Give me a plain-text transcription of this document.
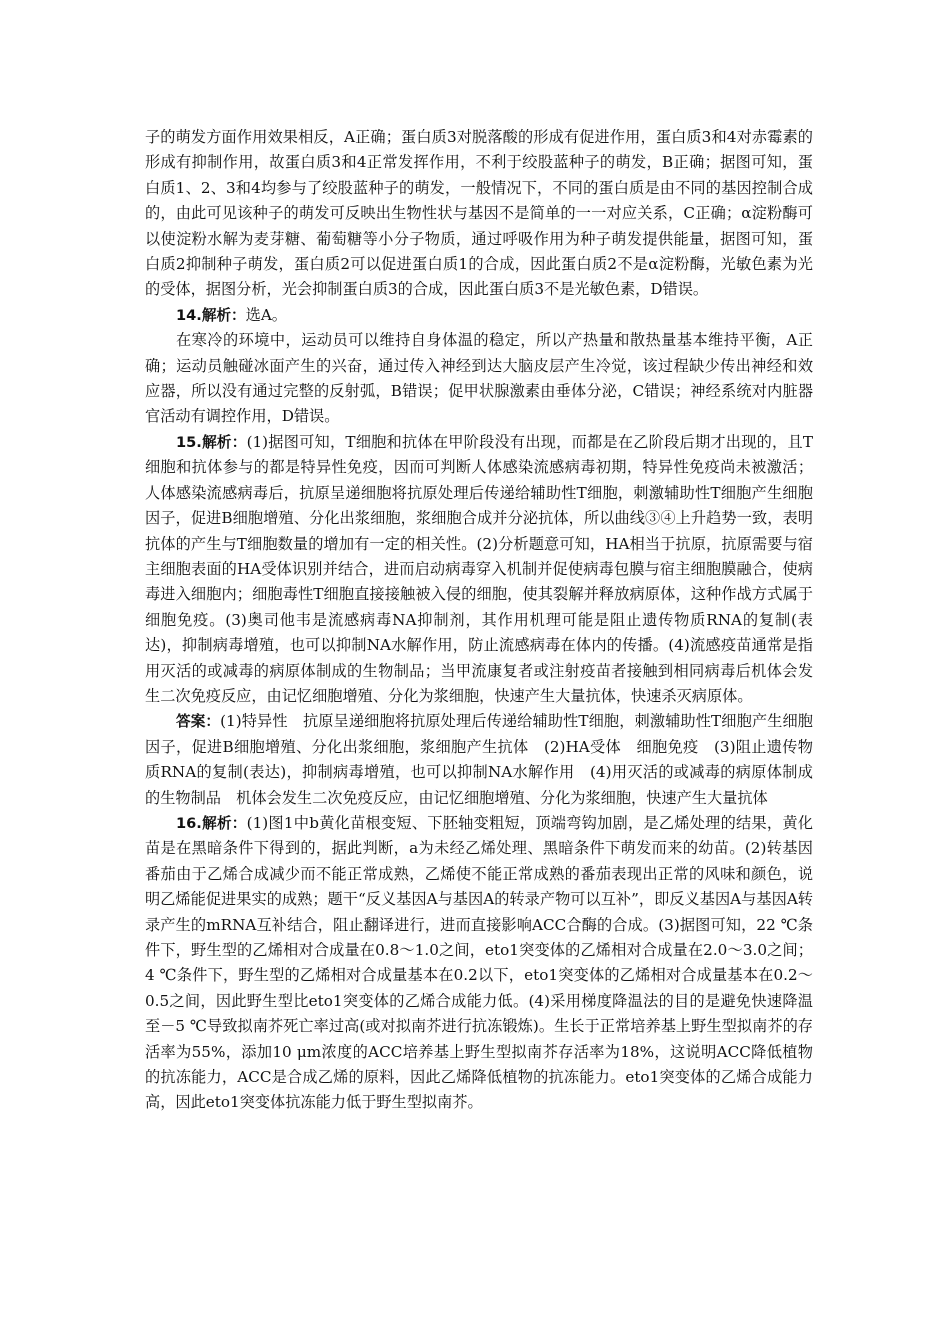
子的萌发方面作用效果相反，A正确；蛋白质3对脱落酸的形成有促进作用，蛋白质3和4对赤霉素的形成有抑制作用，故蛋白质3和4正常发挥作用，不利于绞股蓝种子的萌发，B正确；据图可知，蛋白质1、2、3和4均参与了绞股蓝种子的萌发，一般情况下，不同的蛋白质是由不同的基因控制合成的，由此可见该种子的萌发可反映出生物性状与基因不是简单的一一对应关系，C正确；α淀粉酶可以使淀粉水解为麦芽糖、葡萄糖等小分子物质，通过呼吸作用为种子萌发提供能量，据图可知，蛋白质2抑制种子萌发，蛋白质2可以促进蛋白质1的合成，因此蛋白质2不是α淀粉酶，光敏色素为光的受体，据图分析，光会抑制蛋白质3的合成，因此蛋白质3不是光敏色素，D错误。

14.解析：选A。

在寒冷的环境中，运动员可以维持自身体温的稳定，所以产热量和散热量基本维持平衡，A正确；运动员触碰冰面产生的兴奋，通过传入神经到达大脑皮层产生冷觉，该过程缺少传出神经和效应器，所以没有通过完整的反射弧，B错误；促甲状腺激素由垂体分泌，C错误；神经系统对内脏器官活动有调控作用，D错误。

15.解析：(1)据图可知，T细胞和抗体在甲阶段没有出现，而都是在乙阶段后期才出现的，且T细胞和抗体参与的都是特异性免疫，因而可判断人体感染流感病毒初期，特异性免疫尚未被激活；人体感染流感病毒后，抗原呈递细胞将抗原处理后传递给辅助性T细胞，刺激辅助性T细胞产生细胞因子，促进B细胞增殖、分化出浆细胞，浆细胞合成并分泌抗体，所以曲线③④上升趋势一致，表明抗体的产生与T细胞数量的增加有一定的相关性。(2)分析题意可知，HA相当于抗原，抗原需要与宿主细胞表面的HA受体识别并结合，进而启动病毒穿入机制并促使病毒包膜与宿主细胞膜融合，使病毒进入细胞内；细胞毒性T细胞直接接触被入侵的细胞，使其裂解并释放病原体，这种作战方式属于细胞免疫。(3)奥司他韦是流感病毒NA抑制剂，其作用机理可能是阻止遗传物质RNA的复制(表达)，抑制病毒增殖，也可以抑制NA水解作用，防止流感病毒在体内的传播。(4)流感疫苗通常是指用灭活的或减毒的病原体制成的生物制品；当甲流康复者或注射疫苗者接触到相同病毒后机体会发生二次免疫反应，由记忆细胞增殖、分化为浆细胞，快速产生大量抗体，快速杀灭病原体。

答案：(1)特异性　抗原呈递细胞将抗原处理后传递给辅助性T细胞，刺激辅助性T细胞产生细胞因子，促进B细胞增殖、分化出浆细胞，浆细胞产生抗体　(2)HA受体　细胞免疫　(3)阻止遗传物质RNA的复制(表达)，抑制病毒增殖，也可以抑制NA水解作用　(4)用灭活的或减毒的病原体制成的生物制品　机体会发生二次免疫反应，由记忆细胞增殖、分化为浆细胞，快速产生大量抗体

16.解析：(1)图1中b黄化苗根变短、下胚轴变粗短，顶端弯钩加剧，是乙烯处理的结果，黄化苗是在黑暗条件下得到的，据此判断，a为未经乙烯处理、黑暗条件下萌发而来的幼苗。(2)转基因番茄由于乙烯合成减少而不能正常成熟，乙烯使不能正常成熟的番茄表现出正常的风味和颜色，说明乙烯能促进果实的成熟；题干“反义基因A与基因A的转录产物可以互补”，即反义基因A与基因A转录产生的mRNA互补结合，阻止翻译进行，进而直接影响ACC合酶的合成。(3)据图可知，22 ℃条件下，野生型的乙烯相对合成量在0.8～1.0之间，eto1突变体的乙烯相对合成量在2.0～3.0之间；4 ℃条件下，野生型的乙烯相对合成量基本在0.2以下，eto1突变体的乙烯相对合成量基本在0.2～0.5之间，因此野生型比eto1突变体的乙烯合成能力低。(4)采用梯度降温法的目的是避免快速降温至－5 ℃导致拟南芥死亡率过高(或对拟南芥进行抗冻锻炼)。生长于正常培养基上野生型拟南芥的存活率为55%，添加10 μm浓度的ACC培养基上野生型拟南芥存活率为18%，这说明ACC降低植物的抗冻能力，ACC是合成乙烯的原料，因此乙烯降低植物的抗冻能力。eto1突变体的乙烯合成能力高，因此eto1突变体抗冻能力低于野生型拟南芥。
